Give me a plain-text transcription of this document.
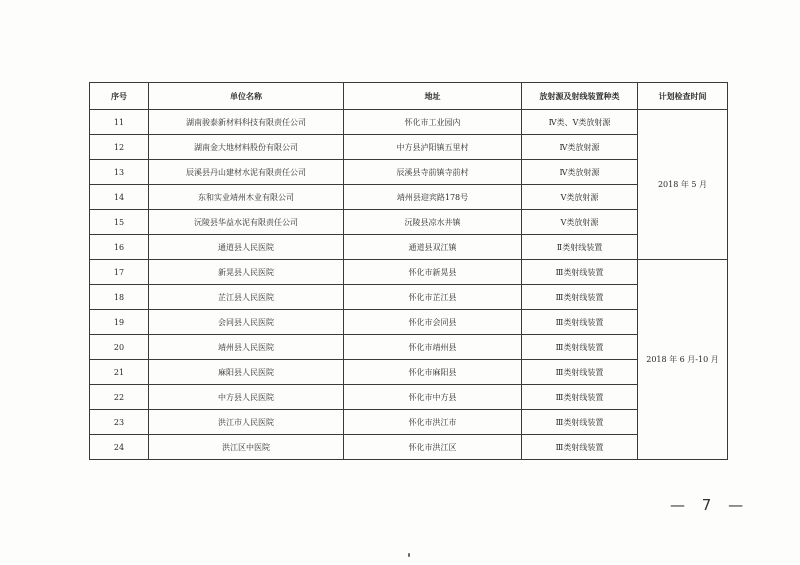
序号	单位名称	地址	放射源及射线装置种类	计划检查时间
11	湖南骏泰新材料科技有限责任公司	怀化市工业园内	Ⅳ类、Ⅴ类放射源	2018 年 5 月
12	湖南金大地材料股份有限公司	中方县泸阳镇五里村	Ⅳ类放射源	
13	辰溪县丹山建材水泥有限责任公司	辰溪县寺前镇寺前村	Ⅳ类放射源	
14	东和实业靖州木业有限公司	靖州县迎宾路178号	Ⅴ类放射源	
15	沅陵县华益水泥有限责任公司	沅陵县凉水井镇	Ⅴ类放射源	
16	通道县人民医院	通道县双江镇	Ⅱ类射线装置	
17	新晃县人民医院	怀化市新晃县	Ⅲ类射线装置	2018 年 6 月-10 月
18	芷江县人民医院	怀化市芷江县	Ⅲ类射线装置	
19	会同县人民医院	怀化市会同县	Ⅲ类射线装置	
20	靖州县人民医院	怀化市靖州县	Ⅲ类射线装置	
21	麻阳县人民医院	怀化市麻阳县	Ⅲ类射线装置	
22	中方县人民医院	怀化市中方县	Ⅲ类射线装置	
23	洪江市人民医院	怀化市洪江市	Ⅲ类射线装置	
24	洪江区中医院	怀化市洪江区	Ⅲ类射线装置	
— 7 —
